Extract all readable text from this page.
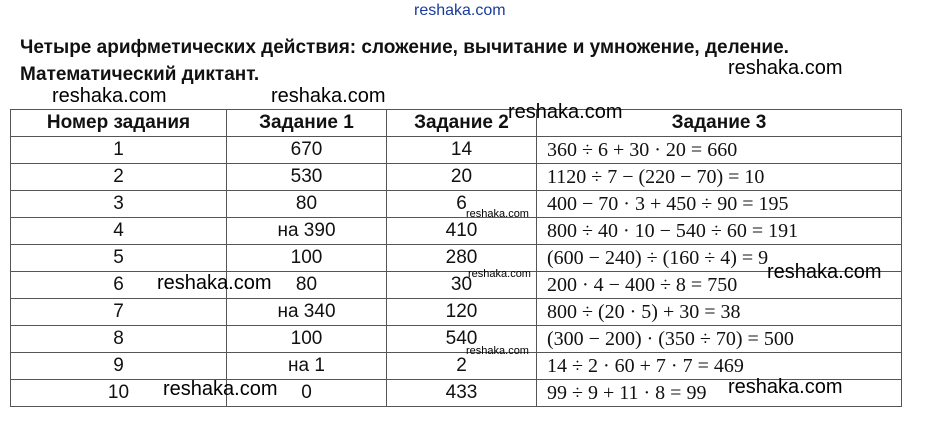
Четыре арифметических действия: сложение, вычитание и умножение, деление.
Математический диктант.
Номер задания	Задание 1	Задание 2	Задание 3
1	670	14	360 ÷ 6 + 30 · 20 = 660
2	530	20	1120 ÷ 7 − (220 − 70) = 10
3	80	6	400 − 70 · 3 + 450 ÷ 90 = 195
4	на 390	410	800 ÷ 40 · 10 − 540 ÷ 60 = 191
5	100	280	(600 − 240) ÷ (160 ÷ 4) = 9
6	80	30	200 · 4 − 400 ÷ 8 = 750
7	на 340	120	800 ÷ (20 · 5) + 30 = 38
8	100	540	(300 − 200) · (350 ÷ 70) = 500
9	на 1	2	14 ÷ 2 · 60 + 7 · 7 = 469
10	0	433	99 ÷ 9 + 11 · 8 = 99
reshaka.com
reshaka.com
reshaka.com	reshaka.com
reshaka.com
reshaka.com
reshaka.com
reshaka.com	reshaka.com
reshaka.com
reshaka.com	reshaka.com
